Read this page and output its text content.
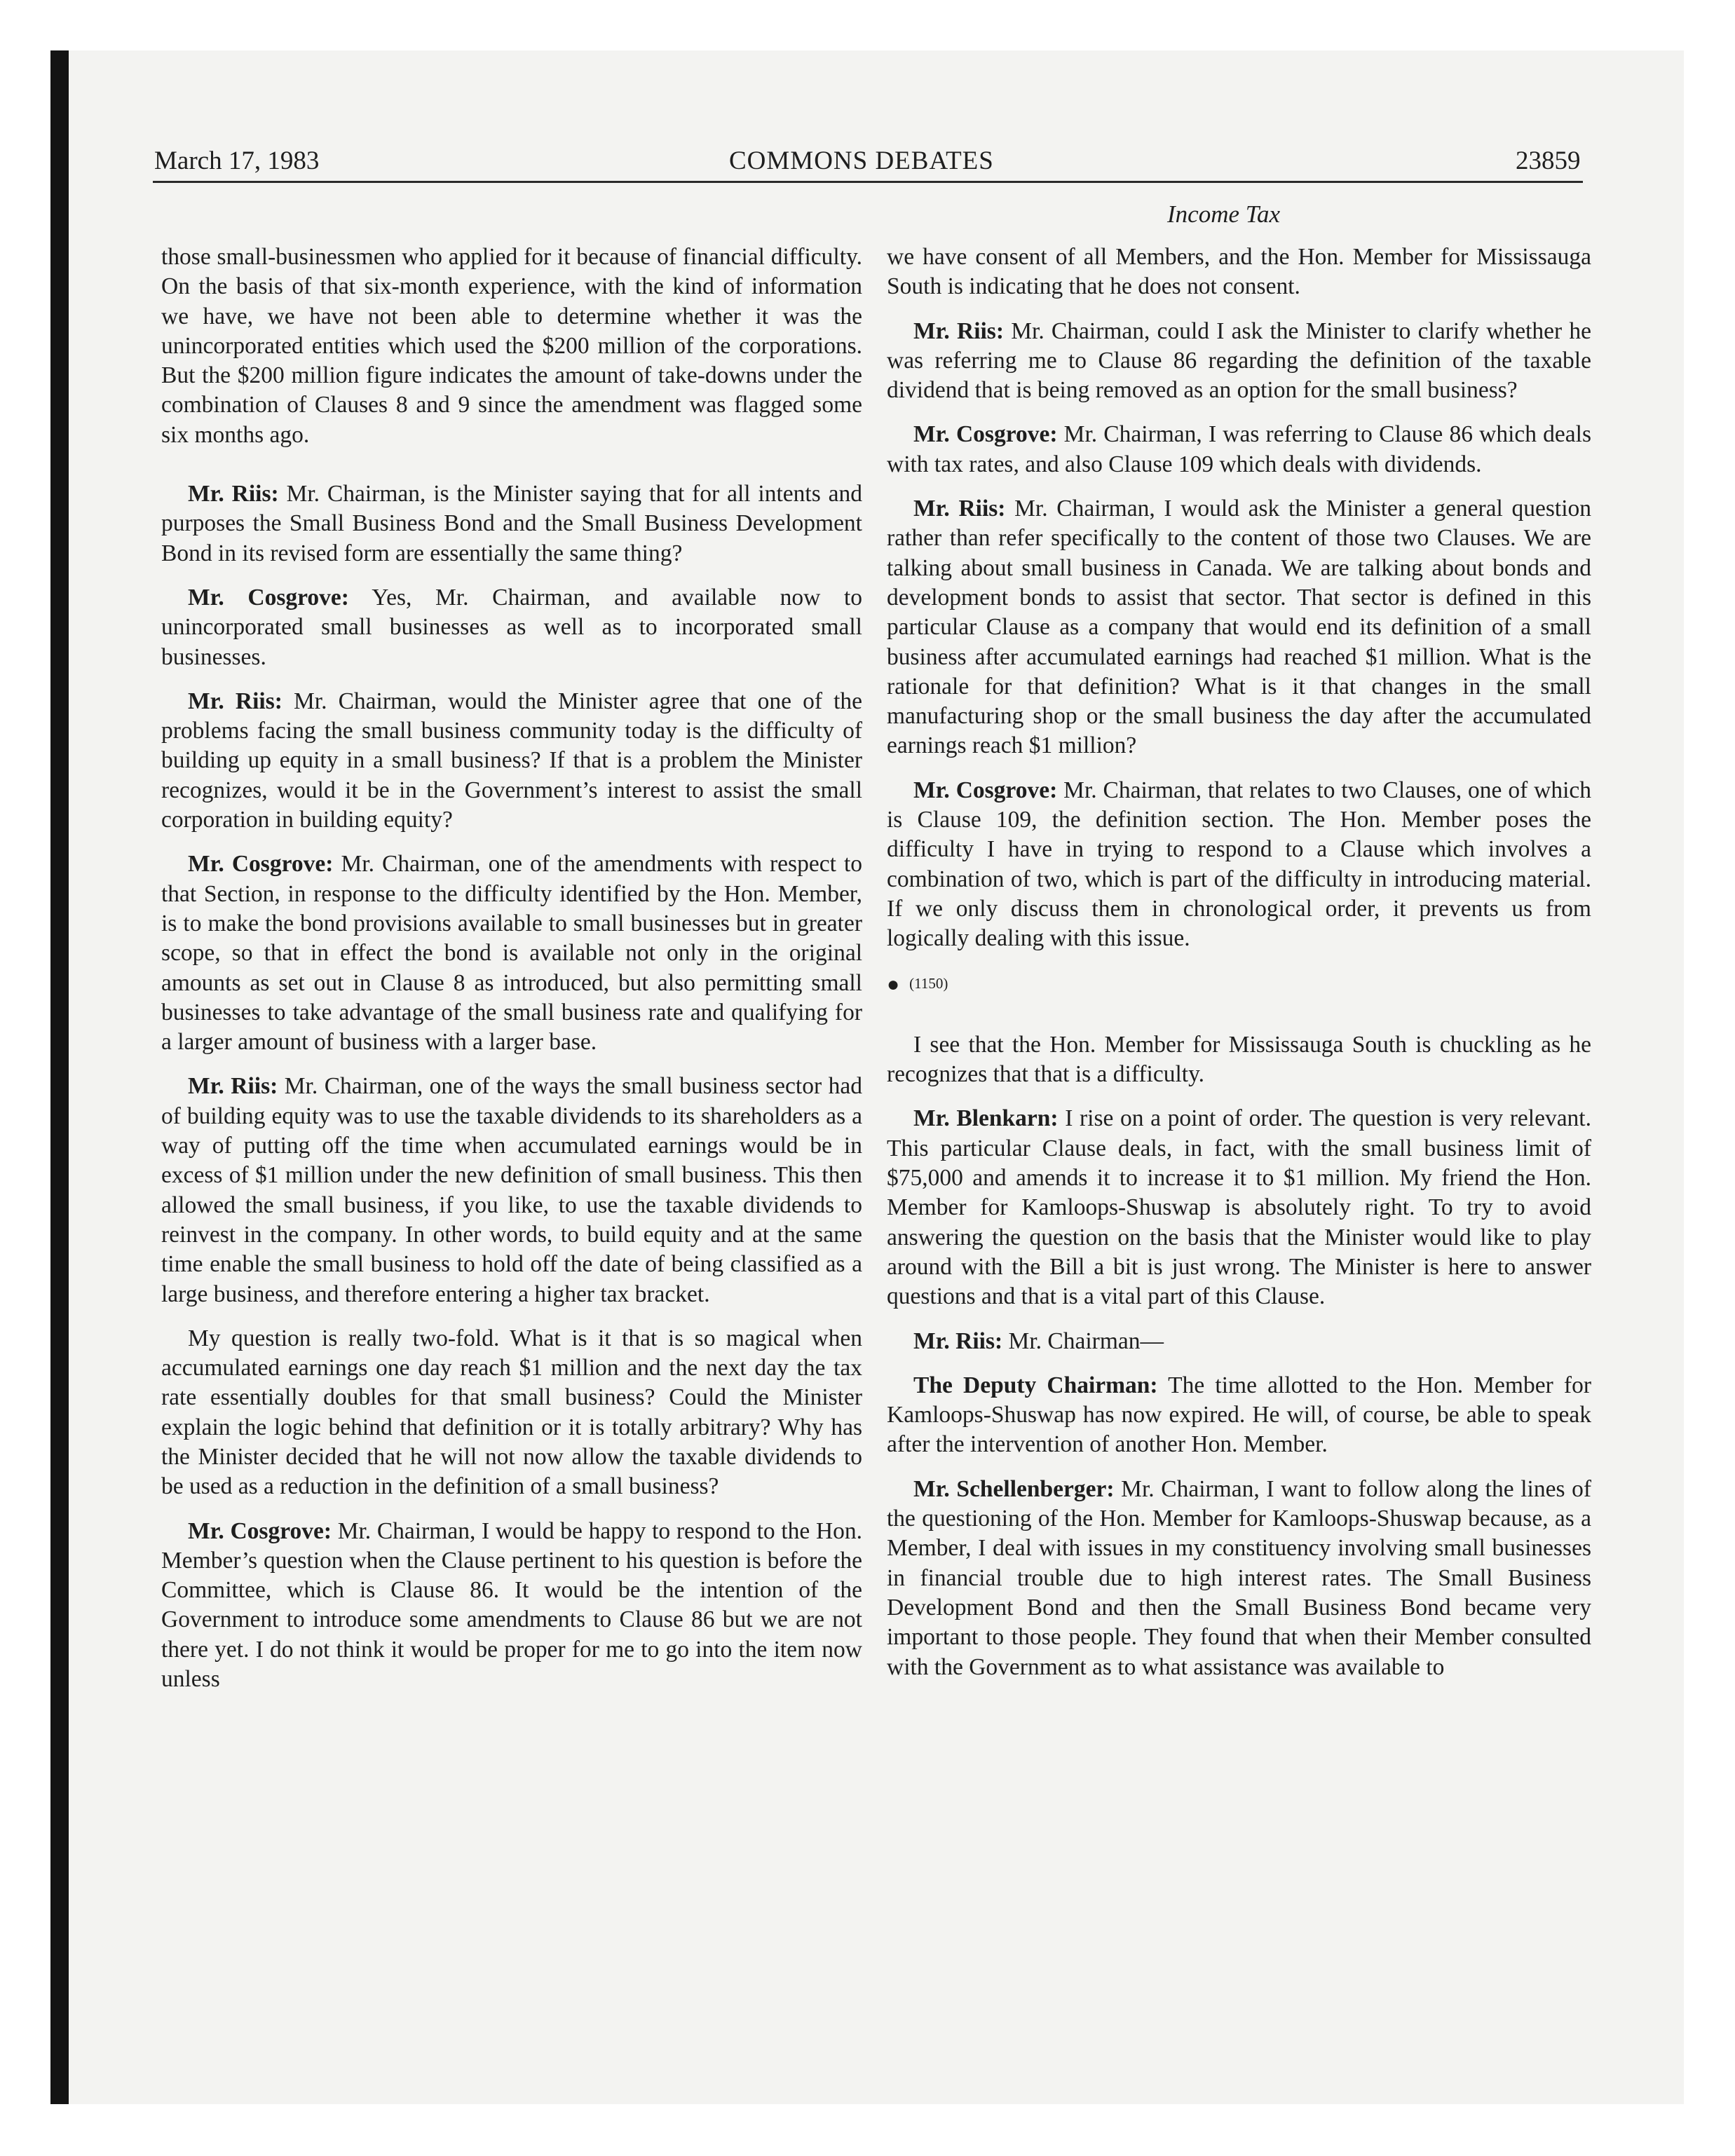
March 17, 1983	COMMONS DEBATES	23859
Income Tax

those small-businessmen who applied for it because of financial difficulty. On the basis of that six-month experience, with the kind of information we have, we have not been able to determine whether it was the unincorporated entities which used the $200 million of the corporations. But the $200 million figure indicates the amount of take-downs under the combination of Clauses 8 and 9 since the amendment was flagged some six months ago.

Mr. Riis: Mr. Chairman, is the Minister saying that for all intents and purposes the Small Business Bond and the Small Business Development Bond in its revised form are essentially the same thing?

Mr. Cosgrove: Yes, Mr. Chairman, and available now to unincorporated small businesses as well as to incorporated small businesses.

Mr. Riis: Mr. Chairman, would the Minister agree that one of the problems facing the small business community today is the difficulty of building up equity in a small business? If that is a problem the Minister recognizes, would it be in the Government’s interest to assist the small corporation in building equity?

Mr. Cosgrove: Mr. Chairman, one of the amendments with respect to that Section, in response to the difficulty identified by the Hon. Member, is to make the bond provisions available to small businesses but in greater scope, so that in effect the bond is available not only in the original amounts as set out in Clause 8 as introduced, but also permitting small businesses to take advantage of the small business rate and qualifying for a larger amount of business with a larger base.

Mr. Riis: Mr. Chairman, one of the ways the small business sector had of building equity was to use the taxable dividends to its shareholders as a way of putting off the time when accumulated earnings would be in excess of $1 million under the new definition of small business. This then allowed the small business, if you like, to use the taxable dividends to reinvest in the company. In other words, to build equity and at the same time enable the small business to hold off the date of being classified as a large business, and therefore entering a higher tax bracket.

My question is really two-fold. What is it that is so magical when accumulated earnings one day reach $1 million and the next day the tax rate essentially doubles for that small business? Could the Minister explain the logic behind that definition or it is totally arbitrary? Why has the Minister decided that he will not now allow the taxable dividends to be used as a reduction in the definition of a small business?

Mr. Cosgrove: Mr. Chairman, I would be happy to respond to the Hon. Member’s question when the Clause pertinent to his question is before the Committee, which is Clause 86. It would be the intention of the Government to introduce some amendments to Clause 86 but we are not there yet. I do not think it would be proper for me to go into the item now unless

we have consent of all Members, and the Hon. Member for Mississauga South is indicating that he does not consent.

Mr. Riis: Mr. Chairman, could I ask the Minister to clarify whether he was referring me to Clause 86 regarding the definition of the taxable dividend that is being removed as an option for the small business?

Mr. Cosgrove: Mr. Chairman, I was referring to Clause 86 which deals with tax rates, and also Clause 109 which deals with dividends.

Mr. Riis: Mr. Chairman, I would ask the Minister a general question rather than refer specifically to the content of those two Clauses. We are talking about small business in Canada. We are talking about bonds and development bonds to assist that sector. That sector is defined in this particular Clause as a company that would end its definition of a small business after accumulated earnings had reached $1 million. What is the rationale for that definition? What is it that changes in the small manufacturing shop or the small business the day after the accumulated earnings reach $1 million?

Mr. Cosgrove: Mr. Chairman, that relates to two Clauses, one of which is Clause 109, the definition section. The Hon. Member poses the difficulty I have in trying to respond to a Clause which involves a combination of two, which is part of the difficulty in introducing material. If we only discuss them in chronological order, it prevents us from logically dealing with this issue.

● (1150)

I see that the Hon. Member for Mississauga South is chuckling as he recognizes that that is a difficulty.

Mr. Blenkarn: I rise on a point of order. The question is very relevant. This particular Clause deals, in fact, with the small business limit of $75,000 and amends it to increase it to $1 million. My friend the Hon. Member for Kamloops-Shuswap is absolutely right. To try to avoid answering the question on the basis that the Minister would like to play around with the Bill a bit is just wrong. The Minister is here to answer questions and that is a vital part of this Clause.

Mr. Riis: Mr. Chairman—

The Deputy Chairman: The time allotted to the Hon. Member for Kamloops-Shuswap has now expired. He will, of course, be able to speak after the intervention of another Hon. Member.

Mr. Schellenberger: Mr. Chairman, I want to follow along the lines of the questioning of the Hon. Member for Kamloops-Shuswap because, as a Member, I deal with issues in my constituency involving small businesses in financial trouble due to high interest rates. The Small Business Development Bond and then the Small Business Bond became very important to those people. They found that when their Member consulted with the Government as to what assistance was available to
